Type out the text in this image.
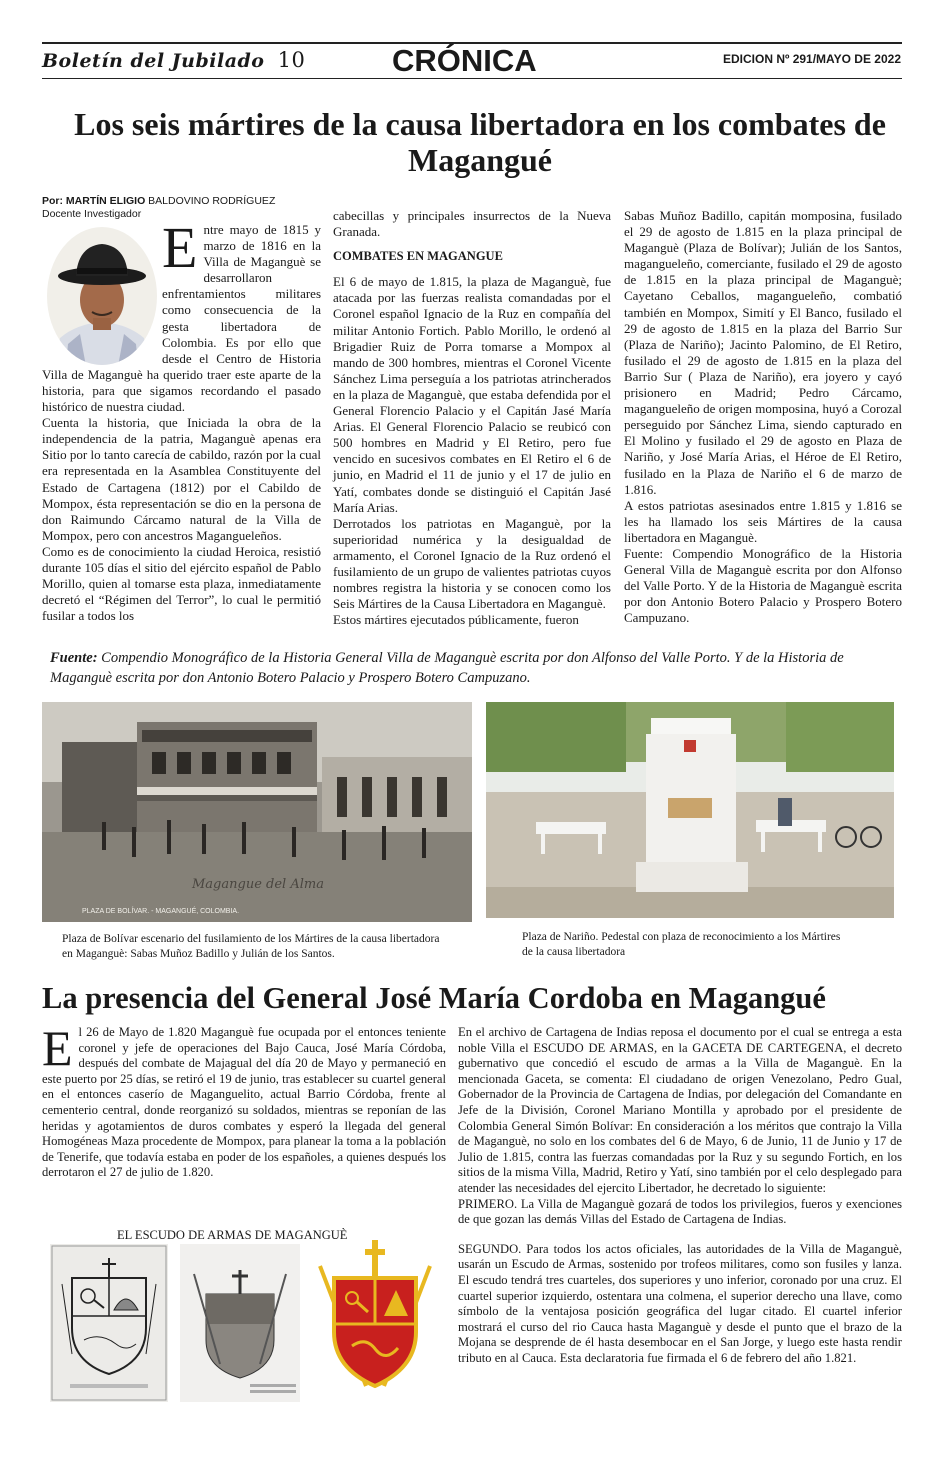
Boletín del Jubilado 10	CRÓNICA	EDICION Nº 291/MAYO DE 2022
Los seis mártires de la causa libertadora en los combates de Magangué
Por: MARTÍN ELIGIO BALDOVINO RODRÍGUEZ
Docente Investigador

Entre mayo de 1815 y marzo de 1816 en la Villa de Maganguè se desarrollaron enfrentamientos militares como consecuencia de la gesta libertadora de Colombia. Es por ello que desde el Centro de Historia Villa de Maganguè ha querido traer este aparte de la historia, para que sigamos recordando el pasado histórico de nuestra ciudad.

Cuenta la historia, que Iniciada la obra de la independencia de la patria, Maganguè apenas era Sitio por lo tanto carecía de cabildo, razón por la cual era representada en la Asamblea Constituyente del Estado de Cartagena (1812) por el Cabildo de Mompox, ésta representación se dio en la persona de don Raimundo Cárcamo natural de la Villa de Mompox, pero con ancestros Magangueleños.

Como es de conocimiento la ciudad Heroica, resistió durante 105 días el sitio del ejército español de Pablo Morillo, quien al tomarse esta plaza, inmediatamente decretó el “Régimen del Terror”, lo cual le permitió fusilar a todos los

cabecillas y principales insurrectos de la Nueva Granada.

COMBATES EN MAGANGUE

El 6 de mayo de 1.815, la plaza de Maganguè, fue atacada por las fuerzas realista comandadas por el Coronel español Ignacio de la Ruz en compañía del militar Antonio Fortich. Pablo Morillo, le ordenó al Brigadier Ruiz de Porra tomarse a Mompox al mando de 300 hombres, mientras el Coronel Vicente Sánchez Lima perseguía a los patriotas atrincherados en la plaza de Maganguè, que estaba defendida por el General Florencio Palacio y el Capitán Jasé María Arias. El General Florencio Palacio se reubicó con 500 hombres en Madrid y El Retiro, pero fue vencido en sucesivos combates en El Retiro el 6 de junio, en Madrid el 11 de junio y el 17 de julio en Yatí, combates donde se distinguió el Capitán Jasé María Arias.

Derrotados los patriotas en Maganguè, por la superioridad numérica y la desigualdad de armamento, el Coronel Ignacio de la Ruz ordenó el fusilamiento de un grupo de valientes patriotas cuyos nombres registra la historia y se conocen como los Seis Mártires de la Causa Libertadora en Maganguè.

Estos mártires ejecutados públicamente, fueron

Sabas Muñoz Badillo, capitán momposina, fusilado el 29 de agosto de 1.815 en la plaza principal de Maganguè (Plaza de Bolívar); Julián de los Santos, magangueleño, comerciante, fusilado el 29 de agosto de 1.815 en la plaza principal de Maganguè; Cayetano Ceballos, magangueleño, combatió también en Mompox, Simití y El Banco, fusilado el 29 de agosto de 1.815 en la plaza del Barrio Sur (Plaza de Nariño); Jacinto Palomino, de El Retiro, fusilado el 29 de agosto de 1.815 en la plaza del Barrio Sur ( Plaza de Nariño), era joyero y cayó prisionero en Madrid; Pedro Cárcamo, magangueleño de origen momposina, huyó a Corozal perseguido por Sánchez Lima, siendo capturado en El Molino y fusilado el 29 de agosto en Plaza de Nariño, y José María Arias, el Héroe de El Retiro, fusilado en la Plaza de Nariño el 6 de marzo de 1.816.

A estos patriotas asesinados entre 1.815 y 1.816 se les ha llamado los seis Mártires de la causa libertadora en Maganguè.

Fuente: Compendio Monográfico de la Historia General Villa de Maganguè escrita por don Alfonso del Valle Porto. Y de la Historia de Maganguè escrita por don Antonio Botero Palacio y Prospero Botero Campuzano.

Fuente: Compendio Monográfico de la Historia General Villa de Maganguè escrita por don Alfonso del Valle Porto. Y de la Historia de Maganguè escrita por don Antonio Botero Palacio y Prospero Botero Campuzano.
Magangue del Alma
PLAZA DE BOLÍVAR. - MAGANGUÉ, COLOMBIA.
Plaza de Bolívar escenario del fusilamiento de los Mártires de la causa libertadora en Maganguè: Sabas Muñoz Badillo y Julián de los Santos.
Plaza de Nariño. Pedestal con plaza de reconocimiento a los Mártires de la causa libertadora
La presencia del General José María Cordoba en Magangué

El 26 de Mayo de 1.820 Maganguè fue ocupada por el entonces teniente coronel y jefe de operaciones del Bajo Cauca, José María Córdoba, después del combate de Majagual del día 20 de Mayo y permaneció en este puerto por 25 días, se retiró el 19 de junio, tras establecer su cuartel general en el entonces caserío de Maganguelito, actual Barrio Córdoba, frente al cementerio central, donde reorganizó su soldados, mientras se reponían de las heridas y agotamientos de duros combates y esperó la llegada del general Homogéneas Maza procedente de Mompox, para planear la toma a la población de Tenerife, que todavía estaba en poder de los españoles, a quienes después los derrotaron el 27 de julio de 1.820.

EL ESCUDO DE ARMAS DE MAGANGUÈ

En el archivo de Cartagena de Indias reposa el documento por el cual se entrega a esta noble Villa el ESCUDO DE ARMAS, en la GACETA DE CARTEGENA, el decreto gubernativo que concedió el escudo de armas a la Villa de Maganguè. En la mencionada Gaceta, se comenta: El ciudadano de origen Venezolano, Pedro Gual, Gobernador de la Provincia de Cartagena de Indias, por delegación del Comandante en Jefe de la División, Coronel Mariano Montilla y aprobado por el presidente de Colombia General Simón Bolívar: En consideración a los méritos que contrajo la Villa de Maganguè, no solo en los combates del 6 de Mayo, 6 de Junio, 11 de Junio y 17 de Julio de 1.815, contra las fuerzas comandadas por la Ruz y su segundo Fortich, en los sitios de la misma Villa, Madrid, Retiro y Yatí, sino también por el celo desplegado para atender las necesidades del ejercito Libertador, he decretado lo siguiente:

PRIMERO. La Villa de Maganguè gozará de todos los privilegios, fueros y exenciones de que gozan las demás Villas del Estado de Cartagena de Indias.

SEGUNDO. Para todos los actos oficiales, las autoridades de la Villa de Maganguè, usarán un Escudo de Armas, sostenido por trofeos militares, como son fusiles y lanza. El escudo tendrá tres cuarteles, dos superiores y uno inferior, coronado por una cruz. El cuartel superior izquierdo, ostentara una colmena, el superior derecho una llave, como símbolo de la ventajosa posición geográfica del lugar citado. El cuartel inferior mostrará el curso del rio Cauca hasta Maganguè y desde el punto que el brazo de la Mojana se desprende de él hasta desembocar en el San Jorge, y luego este hasta rendir tributo en al Cauca. Esta declaratoria fue firmada el 6 de febrero del año 1.821.
